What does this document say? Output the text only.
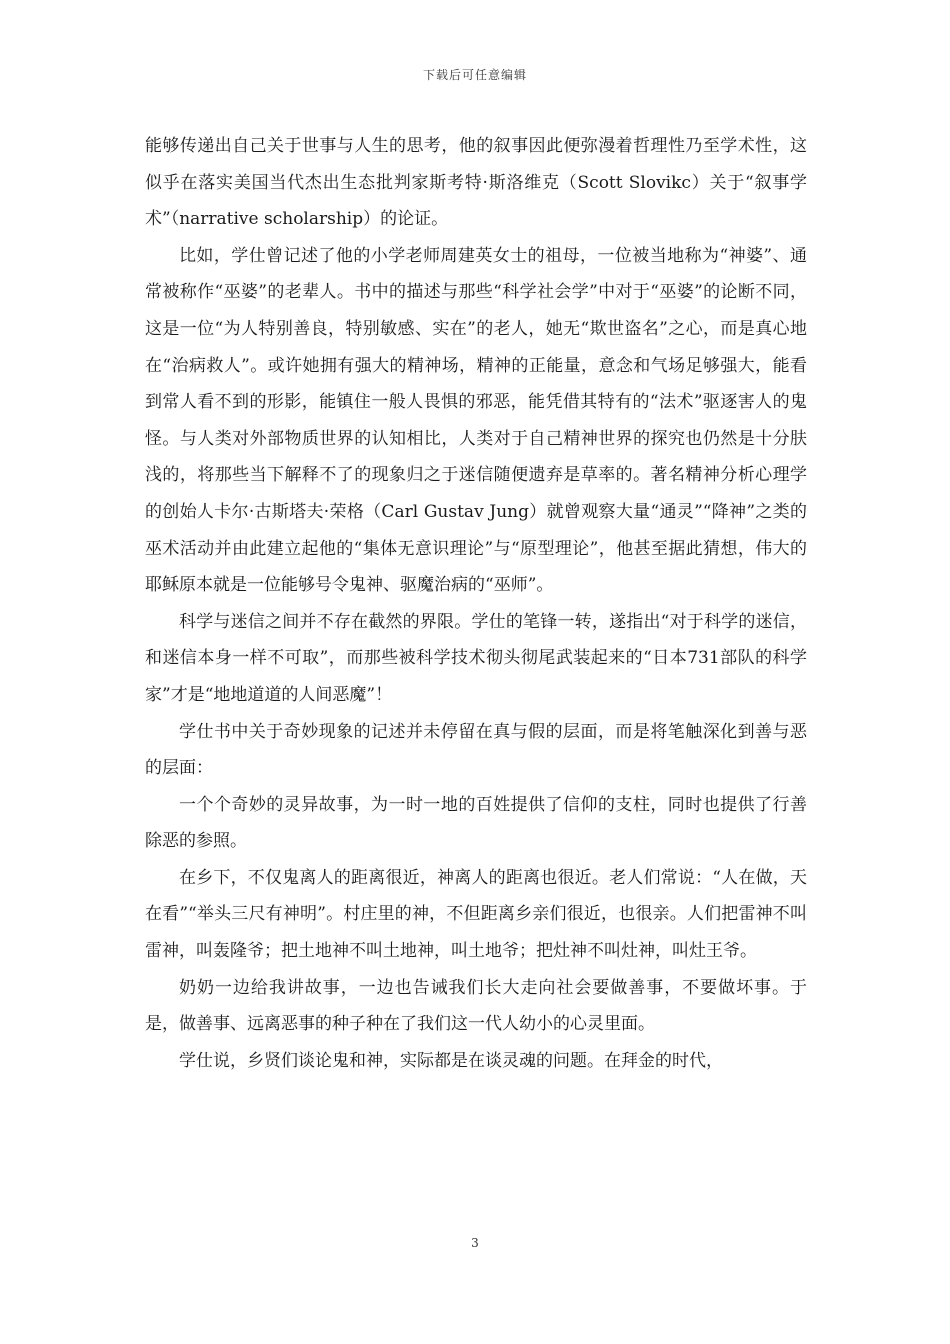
下载后可任意编辑

能够传递出自己关于世事与人生的思考，他的叙事因此便弥漫着哲理性乃至学术性，这似乎在落实美国当代杰出生态批判家斯考特·斯洛维克（Scott Slovikc）关于“叙事学术”（narrative scholarship）的论证。

比如，学仕曾记述了他的小学老师周建英女士的祖母，一位被当地称为“神婆”、通常被称作“巫婆”的老辈人。书中的描述与那些“科学社会学”中对于“巫婆”的论断不同，这是一位“为人特别善良，特别敏感、实在”的老人，她无“欺世盗名”之心，而是真心地在“治病救人”。或许她拥有强大的精神场，精神的正能量，意念和气场足够强大，能看到常人看不到的形影，能镇住一般人畏惧的邪恶，能凭借其特有的“法术”驱逐害人的鬼怪。与人类对外部物质世界的认知相比，人类对于自己精神世界的探究也仍然是十分肤浅的，将那些当下解释不了的现象归之于迷信随便遗弃是草率的。著名精神分析心理学的创始人卡尔·古斯塔夫·荣格（Carl Gustav Jung）就曾观察大量“通灵”“降神”之类的巫术活动并由此建立起他的“集体无意识理论”与“原型理论”，他甚至据此猜想，伟大的耶稣原本就是一位能够号令鬼神、驱魔治病的“巫师”。

科学与迷信之间并不存在截然的界限。学仕的笔锋一转，遂指出“对于科学的迷信，和迷信本身一样不可取”，而那些被科学技术彻头彻尾武装起来的“日本731部队的科学家”才是“地地道道的人间恶魔”！

学仕书中关于奇妙现象的记述并未停留在真与假的层面，而是将笔触深化到善与恶的层面：

一个个奇妙的灵异故事，为一时一地的百姓提供了信仰的支柱，同时也提供了行善除恶的参照。

在乡下，不仅鬼离人的距离很近，神离人的距离也很近。老人们常说：“人在做，天在看”“举头三尺有神明”。村庄里的神，不但距离乡亲们很近，也很亲。人们把雷神不叫雷神，叫轰隆爷；把土地神不叫土地神，叫土地爷；把灶神不叫灶神，叫灶王爷。

奶奶一边给我讲故事，一边也告诫我们长大走向社会要做善事，不要做坏事。于是，做善事、远离恶事的种子种在了我们这一代人幼小的心灵里面。

学仕说，乡贤们谈论鬼和神，实际都是在谈灵魂的问题。在拜金的时代，

3
